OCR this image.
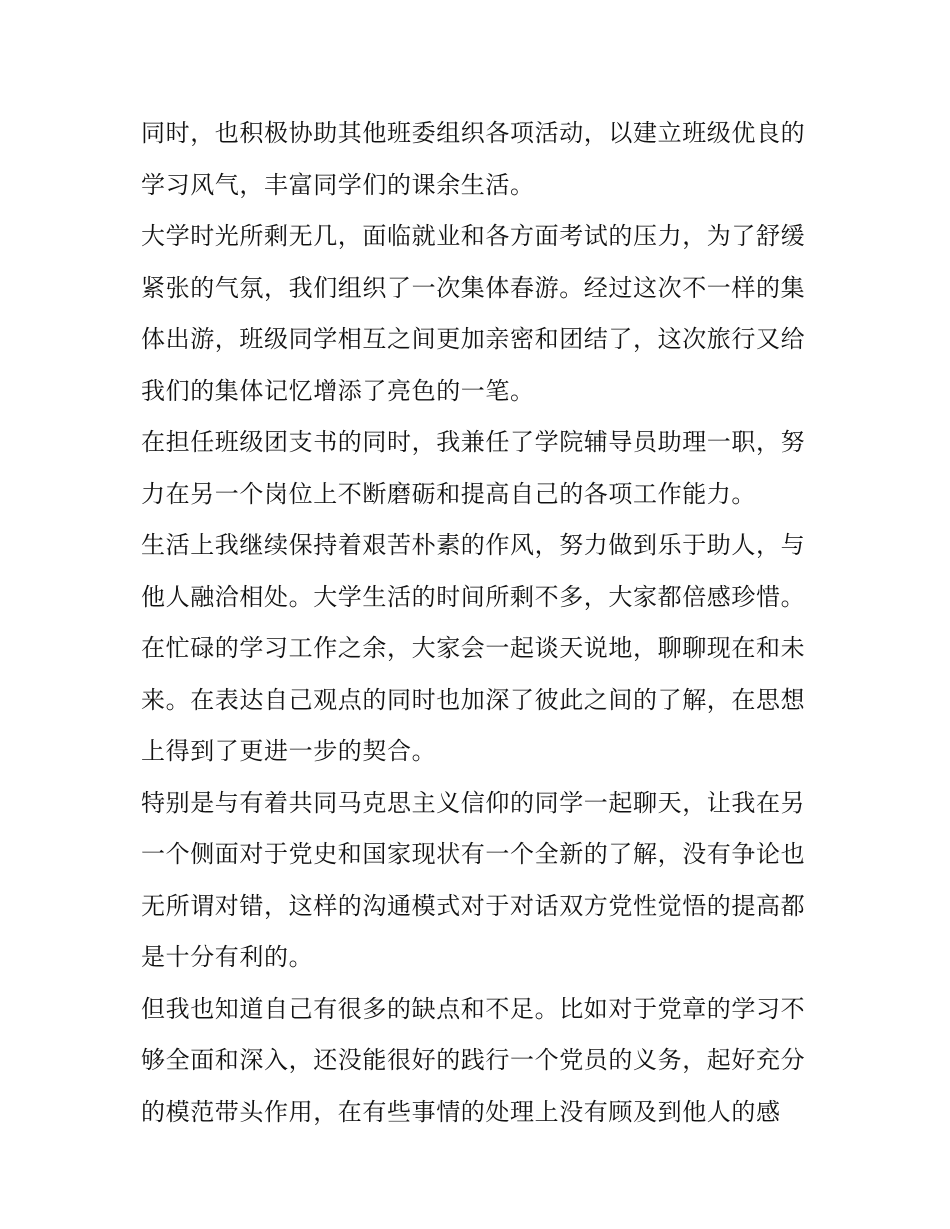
同时，也积极协助其他班委组织各项活动，以建立班级优良的
学习风气，丰富同学们的课余生活。
大学时光所剩无几，面临就业和各方面考试的压力，为了舒缓
紧张的气氛，我们组织了一次集体春游。经过这次不一样的集
体出游，班级同学相互之间更加亲密和团结了，这次旅行又给
我们的集体记忆增添了亮色的一笔。
在担任班级团支书的同时，我兼任了学院辅导员助理一职，努
力在另一个岗位上不断磨砺和提高自己的各项工作能力。
生活上我继续保持着艰苦朴素的作风，努力做到乐于助人，与
他人融洽相处。大学生活的时间所剩不多，大家都倍感珍惜。
在忙碌的学习工作之余，大家会一起谈天说地，聊聊现在和未
来。在表达自己观点的同时也加深了彼此之间的了解，在思想
上得到了更进一步的契合。
特别是与有着共同马克思主义信仰的同学一起聊天，让我在另
一个侧面对于党史和国家现状有一个全新的了解，没有争论也
无所谓对错，这样的沟通模式对于对话双方党性觉悟的提高都
是十分有利的。
但我也知道自己有很多的缺点和不足。比如对于党章的学习不
够全面和深入，还没能很好的践行一个党员的义务，起好充分
的模范带头作用，在有些事情的处理上没有顾及到他人的感
